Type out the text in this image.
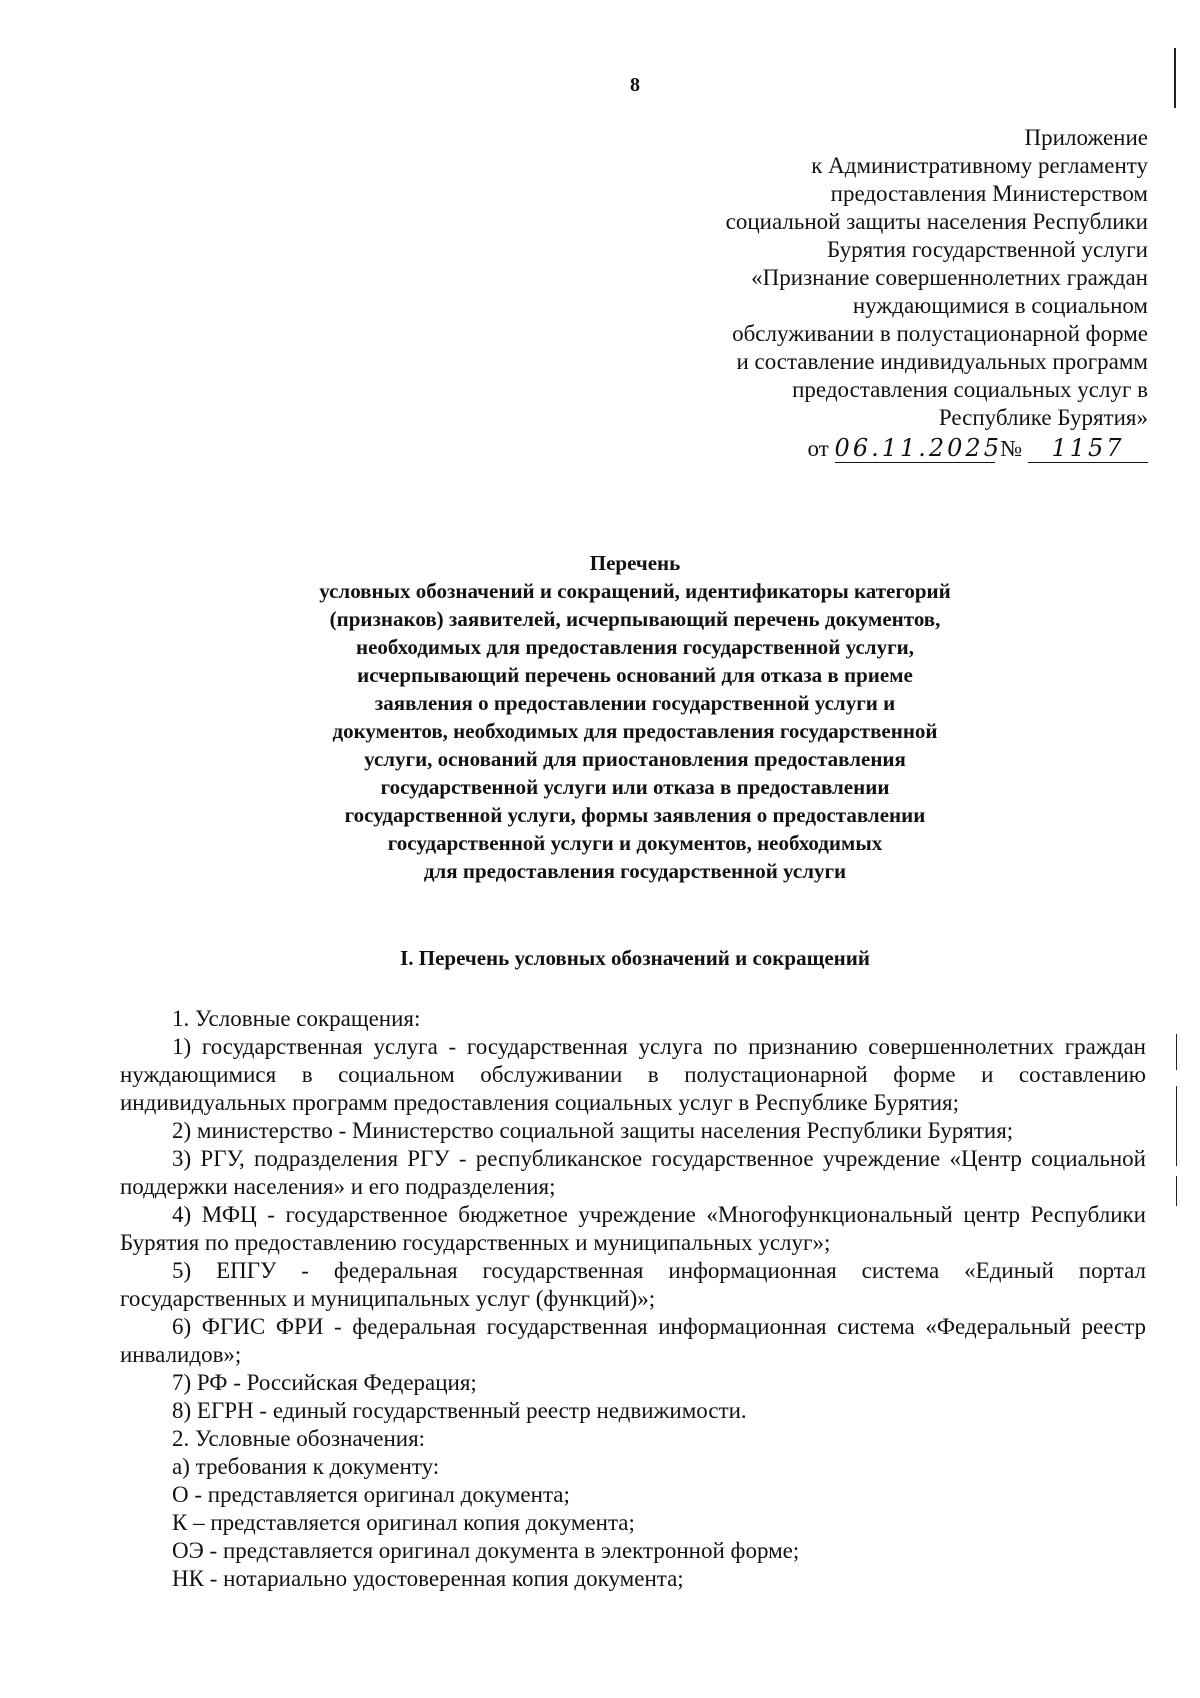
8
Приложение
к Административному регламенту
предоставления Министерством
социальной защиты населения Республики
Бурятия государственной услуги
«Признание совершеннолетних граждан
нуждающимися в социальном
обслуживании в полустационарной форме
и составление индивидуальных программ
предоставления социальных услуг в
Республике Бурятия»
от 06.11.2025 № 1157
Перечень
условных обозначений и сокращений, идентификаторы категорий
(признаков) заявителей, исчерпывающий перечень документов,
необходимых для предоставления государственной услуги,
исчерпывающий перечень оснований для отказа в приеме
заявления о предоставлении государственной услуги и
документов, необходимых для предоставления государственной
услуги, оснований для приостановления предоставления
государственной услуги или отказа в предоставлении
государственной услуги, формы заявления о предоставлении
государственной услуги и документов, необходимых
для предоставления государственной услуги
I. Перечень условных обозначений и сокращений
1. Условные сокращения:
1) государственная услуга - государственная услуга по признанию совершеннолетних граждан нуждающимися в социальном обслуживании в полустационарной форме и составлению индивидуальных программ предоставления социальных услуг в Республике Бурятия;
2) министерство - Министерство социальной защиты населения Республики Бурятия;
3) РГУ, подразделения РГУ - республиканское государственное учреждение «Центр социальной поддержки населения» и его подразделения;
4) МФЦ - государственное бюджетное учреждение «Многофункциональный центр Республики Бурятия по предоставлению государственных и муниципальных услуг»;
5) ЕПГУ - федеральная государственная информационная система «Единый портал государственных и муниципальных услуг (функций)»;
6) ФГИС ФРИ - федеральная государственная информационная система «Федеральный реестр инвалидов»;
7) РФ - Российская Федерация;
8) ЕГРН - единый государственный реестр недвижимости.
2. Условные обозначения:
а) требования к документу:
О - представляется оригинал документа;
К – представляется оригинал копия документа;
ОЭ - представляется оригинал документа в электронной форме;
НК - нотариально удостоверенная копия документа;
